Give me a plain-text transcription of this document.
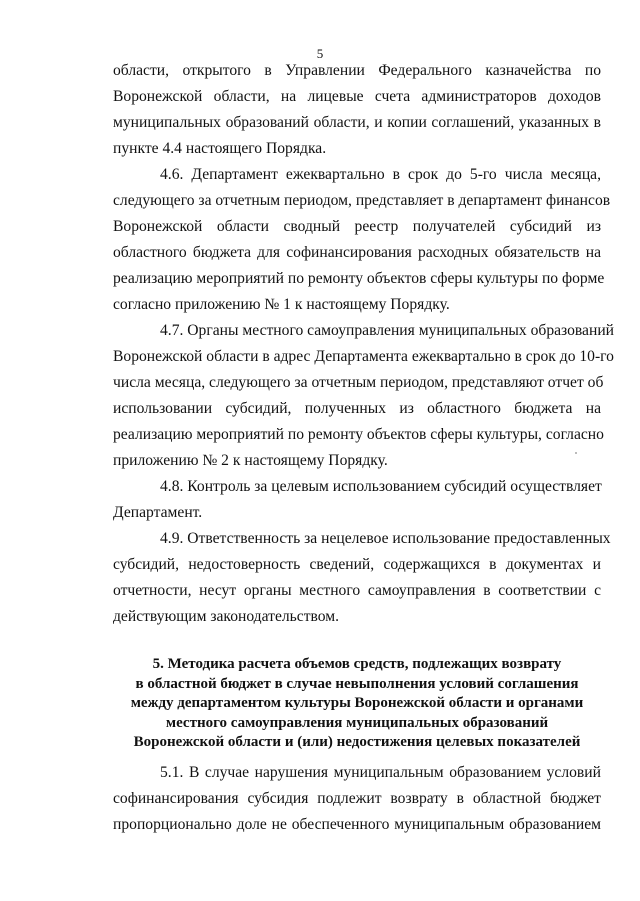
5

области, открытого в Управлении Федерального казначейства по
Воронежской области, на лицевые счета администраторов доходов
муниципальных образований области, и копии соглашений, указанных в
пункте 4.4 настоящего Порядка.

4.6. Департамент ежеквартально в срок до 5-го числа месяца,
следующего за отчетным периодом, представляет в департамент финансов
Воронежской области сводный реестр получателей субсидий из
областного бюджета для софинансирования расходных обязательств на
реализацию мероприятий по ремонту объектов сферы культуры по форме
согласно приложению № 1 к настоящему Порядку.

4.7. Органы местного самоуправления муниципальных образований
Воронежской области в адрес Департамента ежеквартально в срок до 10-го
числа месяца, следующего за отчетным периодом, представляют отчет об
использовании субсидий, полученных из областного бюджета на
реализацию мероприятий по ремонту объектов сферы культуры, согласно
приложению № 2 к настоящему Порядку.

4.8. Контроль за целевым использованием субсидий осуществляет
Департамент.

4.9. Ответственность за нецелевое использование предоставленных
субсидий, недостоверность сведений, содержащихся в документах и
отчетности, несут органы местного самоуправления в соответствии с
действующим законодательством.

5. Методика расчета объемов средств, подлежащих возврату
в областной бюджет в случае невыполнения условий соглашения
между департаментом культуры Воронежской области и органами
местного самоуправления муниципальных образований
Воронежской области и (или) недостижения целевых показателей

5.1. В случае нарушения муниципальным образованием условий
софинансирования субсидия подлежит возврату в областной бюджет
пропорционально доле не обеспеченного муниципальным образованием
